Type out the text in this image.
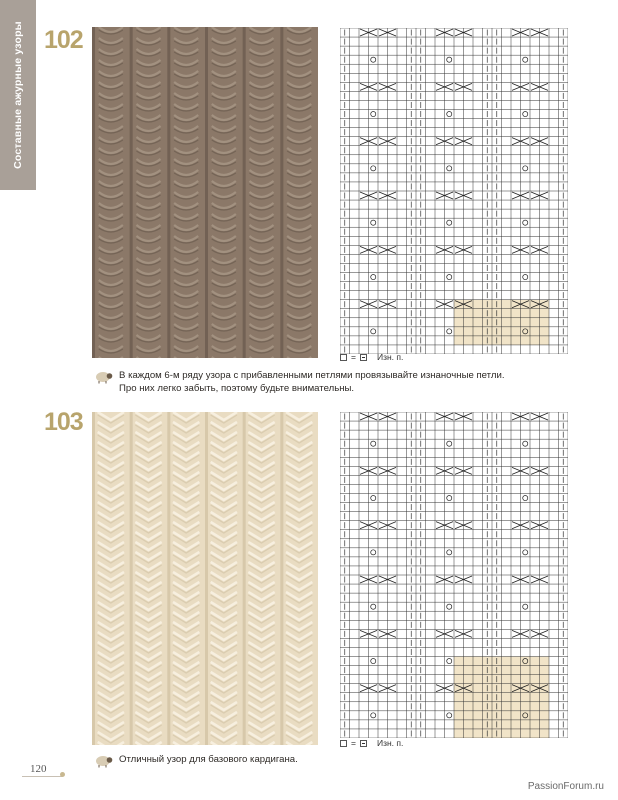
Составные ажурные узоры 102
= Изн. п.
В каждом 6-м ряду узора с прибавленными петлями провязывайте изнаночные петли.
Про них легко забыть, поэтому будьте внимательны.
103
= Изн. п.
Отличный узор для базового кардигана.
120
PassionForum.ru
